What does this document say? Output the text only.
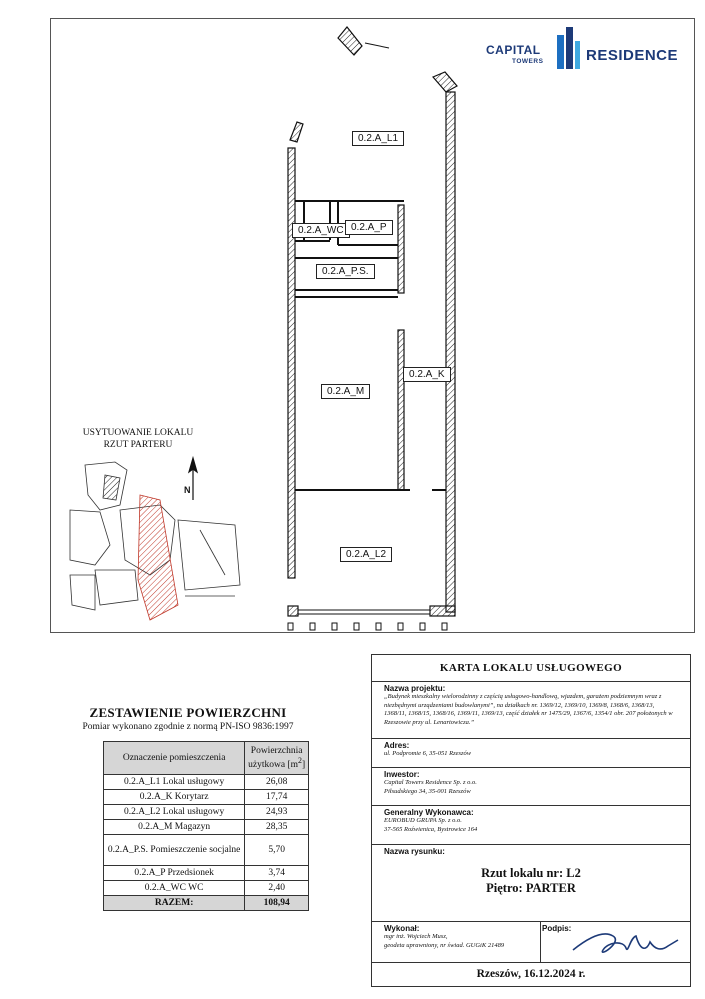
0.2.A_L1
0.2.A_WC 0.2.A_P
0.2.A_P.S.
0.2.A_K
0.2.A_M
0.2.A_L2
CAPITAL
TOWERS	RESIDENCE
USYTUOWANIE LOKALU
RZUT PARTERU
N
ZESTAWIENIE POWIERZCHNI
Pomiar wykonano zgodnie z normą PN-ISO 9836:1997
Oznaczenie pomieszczenia	Powierzchnia
użytkowa $[m^2]$
0.2.A_L1 Lokal usługowy	26,08
0.2.A_K Korytarz	17,74
0.2.A_L2 Lokal usługowy	24,93
0.2.A_M Magazyn	28,35
0.2.A_P.S. Pomieszczenie socjalne	5,70
0.2.A_P Przedsionek	3,74
0.2.A_WC WC	2,40
RAZEM:	108,94
KARTA LOKALU USŁUGOWEGO
Nazwa projektu:
„Budynek mieszkalny wielorodzinny z częścią usługowo-handlową, wjazdem, garażem podziemnym wraz z niezbędnymi urządzeniami budowlanymi”, na działkach nr. 1369/12, 1369/10, 1369/8, 1368/6, 1368/13, 1368/11, 1368/15, 1368/16, 1369/11, 1369/13, część działek nr 1475/29, 1367/6, 1354/1 obr. 207 położonych w Rzeszowie przy ul. Lenartowicza.”
Adres:
ul. Podpromie 6, 35-051 Rzeszów
Inwestor:
Capital Towers Residence Sp. z o.o.
Piłsudskiego 34, 35-001 Rzeszów
Generalny Wykonawca:
EUROBUD GRUPA Sp. z o.o.
37-565 Roźwienica, Bystrowice 164
Nazwa rysunku:
Rzut lokalu nr: L2
Piętro: PARTER
Wykonał:
mgr inż. Wojciech Musz,
geodeta uprawniony, nr świad. GUGiK 21489
Podpis:
Rzeszów, 16.12.2024 r.
